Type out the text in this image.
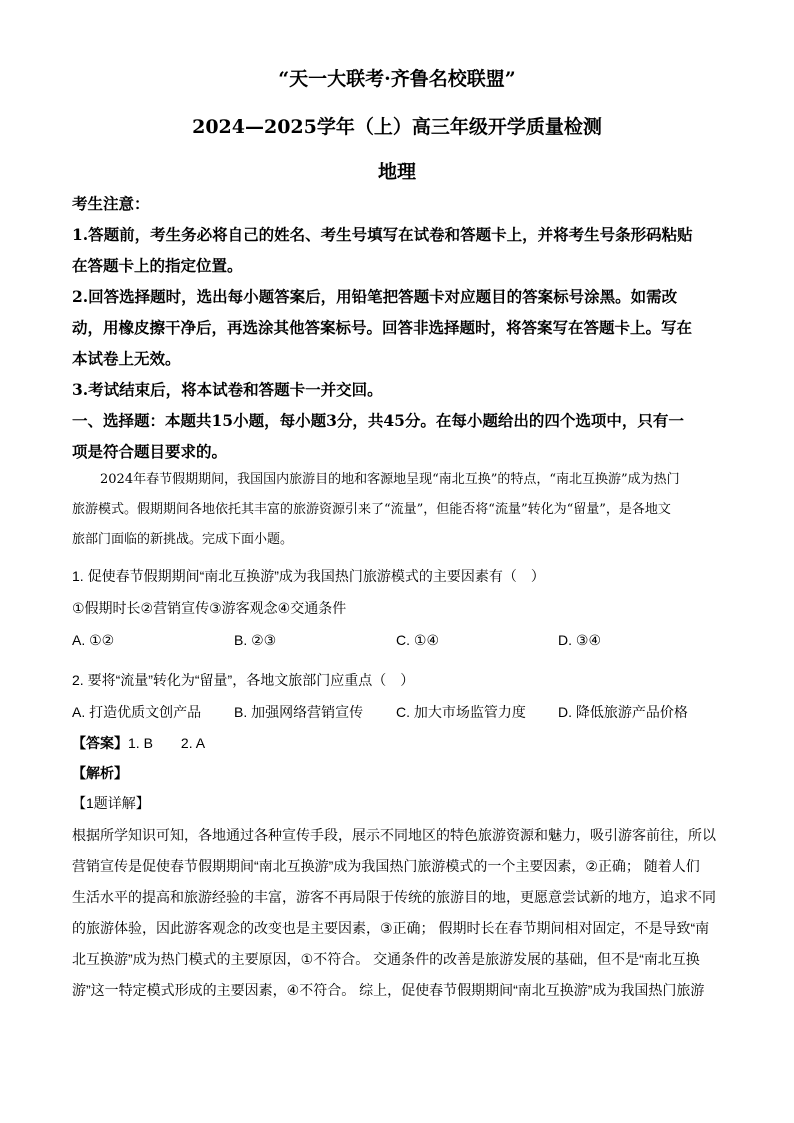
“天一大联考·齐鲁名校联盟”
2024—2025学年（上）高三年级开学质量检测
地理
考生注意：
1.答题前，考生务必将自己的姓名、考生号填写在试卷和答题卡上，并将考生号条形码粘贴
在答题卡上的指定位置。
2.回答选择题时，选出每小题答案后，用铅笔把答题卡对应题目的答案标号涂黑。如需改
动，用橡皮擦干净后，再选涂其他答案标号。回答非选择题时，将答案写在答题卡上。写在
本试卷上无效。
3.考试结束后，将本试卷和答题卡一并交回。
一、选择题：本题共15小题，每小题3分，共45分。在每小题给出的四个选项中，只有一
项是符合题目要求的。
2024年春节假期期间，我国国内旅游目的地和客源地呈现“南北互换”的特点，“南北互换游”成为热门
旅游模式。假期期间各地依托其丰富的旅游资源引来了“流量”，但能否将“流量”转化为“留量”，是各地文
旅部门面临的新挑战。完成下面小题。
1. 促使春节假期期间“南北互换游”成为我国热门旅游模式的主要因素有（　）
①假期时长②营销宣传③游客观念④交通条件
A. ①②	B. ②③	C. ①④	D. ③④
2. 要将“流量”转化为“留量”，各地文旅部门应重点（　）
A. 打造优质文创产品	B. 加强网络营销宣传	C. 加大市场监管力度	D. 降低旅游产品价格
【答案】1. B　　2. A
【解析】
【1题详解】
根据所学知识可知，各地通过各种宣传手段，展示不同地区的特色旅游资源和魅力，吸引游客前往，所以
营销宣传是促使春节假期期间“南北互换游”成为我国热门旅游模式的一个主要因素，②正确； 随着人们
生活水平的提高和旅游经验的丰富，游客不再局限于传统的旅游目的地，更愿意尝试新的地方，追求不同
的旅游体验，因此游客观念的改变也是主要因素，③正确； 假期时长在春节期间相对固定，不是导致“南
北互换游”成为热门模式的主要原因，①不符合。 交通条件的改善是旅游发展的基础，但不是“南北互换
游”这一特定模式形成的主要因素，④不符合。 综上，促使春节假期期间“南北互换游”成为我国热门旅游
